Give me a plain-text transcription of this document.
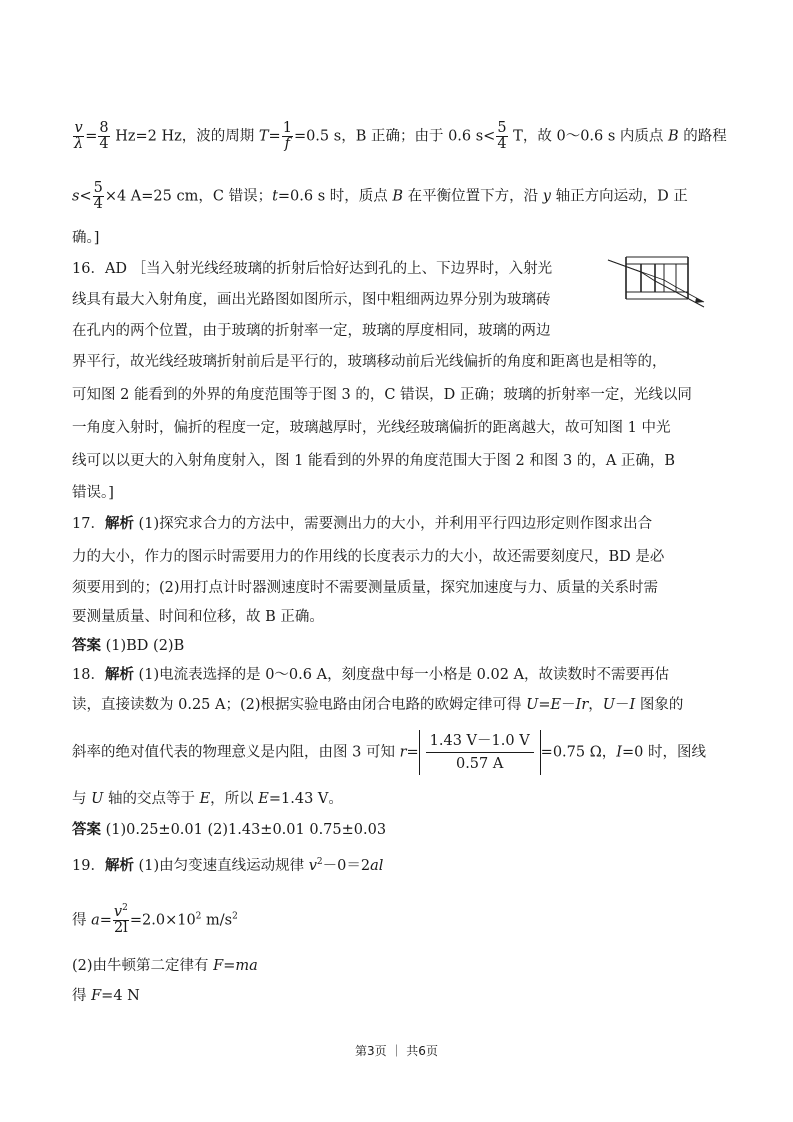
$\frac{v}{\lambda} = \frac{8}{4} Hz=2$ Hz，波的周期 $T= \frac{1}{f} =0.5$ s，B 正确；由于 0.6 $s< \frac{5}{4}$ T，故 0～0.6 s 内质点 B 的路程
$s< \frac{5}{4} \times 4$ A=25 cm，C 错误；t=0.6 s 时，质点 B 在平衡位置下方，沿 y 轴正方向运动，D 正
确。]
16．AD ［当入射光线经玻璃的折射后恰好达到孔的上、下边界时，入射光
线具有最大入射角度，画出光路图如图所示，图中粗细两边界分别为玻璃砖
在孔内的两个位置，由于玻璃的折射率一定，玻璃的厚度相同，玻璃的两边
界平行，故光线经玻璃折射前后是平行的，玻璃移动前后光线偏折的角度和距离也是相等的，
可知图 2 能看到的外界的角度范围等于图 3 的，C 错误，D 正确；玻璃的折射率一定，光线以同
一角度入射时，偏折的程度一定，玻璃越厚时，光线经玻璃偏折的距离越大，故可知图 1 中光
线可以以更大的入射角度射入，图 1 能看到的外界的角度范围大于图 2 和图 3 的，A 正确，B
错误。]
17．解析 (1)探究求合力的方法中，需要测出力的大小，并利用平行四边形定则作图求出合
力的大小，作力的图示时需要用力的作用线的长度表示力的大小，故还需要刻度尺，BD 是必
须要用到的；(2)用打点计时器测速度时不需要测量质量，探究加速度与力、质量的关系时需
要测量质量、时间和位移，故 B 正确。
答案 (1)BD (2)B
18．解析 (1)电流表选择的是 0～0.6 A，刻度盘中每一小格是 0.02 A，故读数时不需要再估
读，直接读数为 0.25 A；(2)根据实验电路由闭合电路的欧姆定律可得 U=E－Ir，U－I 图象的
斜率的绝对值代表的物理意义是内阻，由图 3 可知 $r= \frac{1.43 V-1.0 V}{0.57 A} =0.75$ Ω，I=0 时，图线
与 U 轴的交点等于 E，所以 E=1.43 V。
答案 (1)0.25±0.01 (2)1.43±0.01 0.75±0.03
19．解析 (1)由匀变速直线运动规律 $v^2-0=2al$
得 $a= \frac{v^2}{2l} =2.0\times 10^2$ $m/s^2$
(2)由牛顿第二定律有 F=ma
得 F=4 N
第3页 ｜ 共6页
